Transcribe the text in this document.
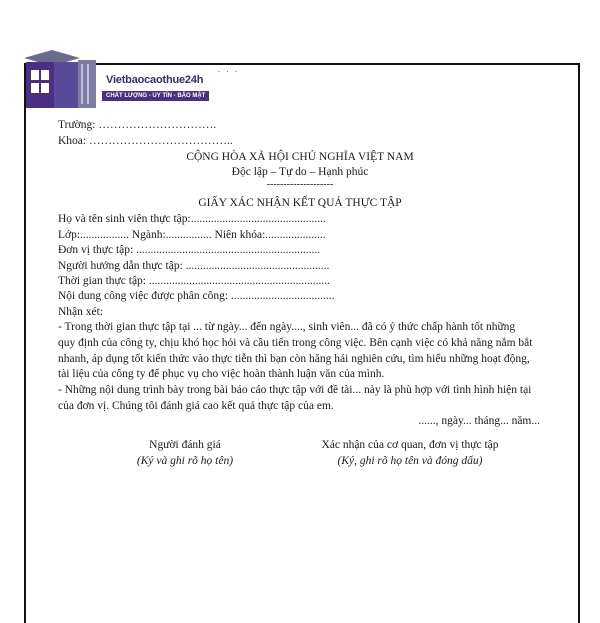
Vietbaocaothue24h
CHẤT LƯỢNG - UY TÍN - BẢO MẬT
. . .
Trường: ………………………….
Khoa: ………………………………..
CỘNG HÒA XÃ HỘI CHỦ NGHĨA VIỆT NAM
Độc lập – Tự do – Hạnh phúc
--------------------
GIẤY XÁC NHẬN KẾT QUẢ THỰC TẬP
Họ và tên sinh viên thực tập:...............................................
Lớp:................. Ngành:................ Niên khóa:.....................
Đơn vị thực tập: ................................................................
Người hướng dẫn thực tập: ..................................................
Thời gian thực tập: ...............................................................
Nội dung công việc được phân công: ....................................
Nhận xét:
- Trong thời gian thực tập tại ... từ ngày... đến ngày...., sinh viên... đã có ý thức chấp hành tốt những
quy định của công ty, chịu khó học hỏi và cầu tiến trong công việc. Bên cạnh việc có khả năng nắm bắt
nhanh, áp dụng tốt kiến thức vào thực tiễn thì bạn còn hăng hái nghiên cứu, tìm hiểu những hoạt động,
tài liệu của công ty để phục vụ cho việc hoàn thành luận văn của mình.
- Những nội dung trình bày trong bài báo cáo thực tập với đề tài... này là phù hợp với tình hình hiện tại
của đơn vị. Chúng tôi đánh giá cao kết quả thực tập của em.
......, ngày... tháng... năm...
Người đánh giá
(Ký và ghi rõ họ tên)
Xác nhận của cơ quan, đơn vị thực tập
(Ký, ghi rõ họ tên và đóng dấu)
